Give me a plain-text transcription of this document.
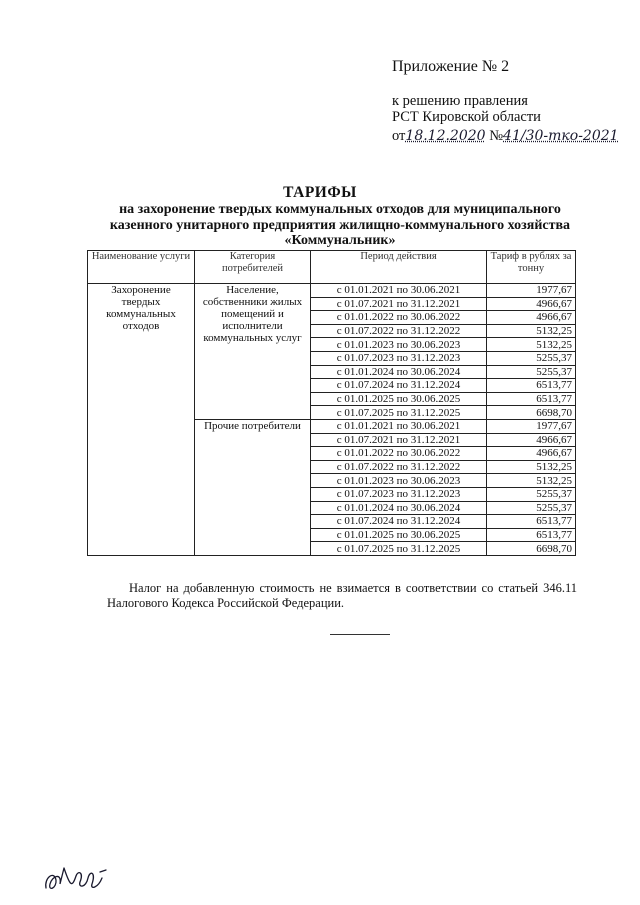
Приложение № 2
к решению правления
РСТ Кировской области
от18.12.2020 №41/30-тко-2021
ТАРИФЫ
на захоронение твердых коммунальных отходов для муниципального казенного унитарного предприятия жилищно-коммунального хозяйства «Коммунальник»
Наименование услуги	Категория потребителей	Период действия	Тариф в рублях за тонну
Захоронение твердых коммунальных отходов	Население, собственники жилых помещений и исполнители коммунальных услуг	с 01.01.2021 по 30.06.2021	1977,67
		с 01.07.2021 по 31.12.2021	4966,67
		с 01.01.2022 по 30.06.2022	4966,67
		с 01.07.2022 по 31.12.2022	5132,25
		с 01.01.2023 по 30.06.2023	5132,25
		с 01.07.2023 по 31.12.2023	5255,37
		с 01.01.2024 по 30.06.2024	5255,37
		с 01.07.2024 по 31.12.2024	6513,77
		с 01.01.2025 по 30.06.2025	6513,77
		с 01.07.2025 по 31.12.2025	6698,70
	Прочие потребители	с 01.01.2021 по 30.06.2021	1977,67
		с 01.07.2021 по 31.12.2021	4966,67
		с 01.01.2022 по 30.06.2022	4966,67
		с 01.07.2022 по 31.12.2022	5132,25
		с 01.01.2023 по 30.06.2023	5132,25
		с 01.07.2023 по 31.12.2023	5255,37
		с 01.01.2024 по 30.06.2024	5255,37
		с 01.07.2024 по 31.12.2024	6513,77
		с 01.01.2025 по 30.06.2025	6513,77
		с 01.07.2025 по 31.12.2025	6698,70
Налог на добавленную стоимость не взимается в соответствии со статьей 346.11 Налогового Кодекса Российской Федерации.
